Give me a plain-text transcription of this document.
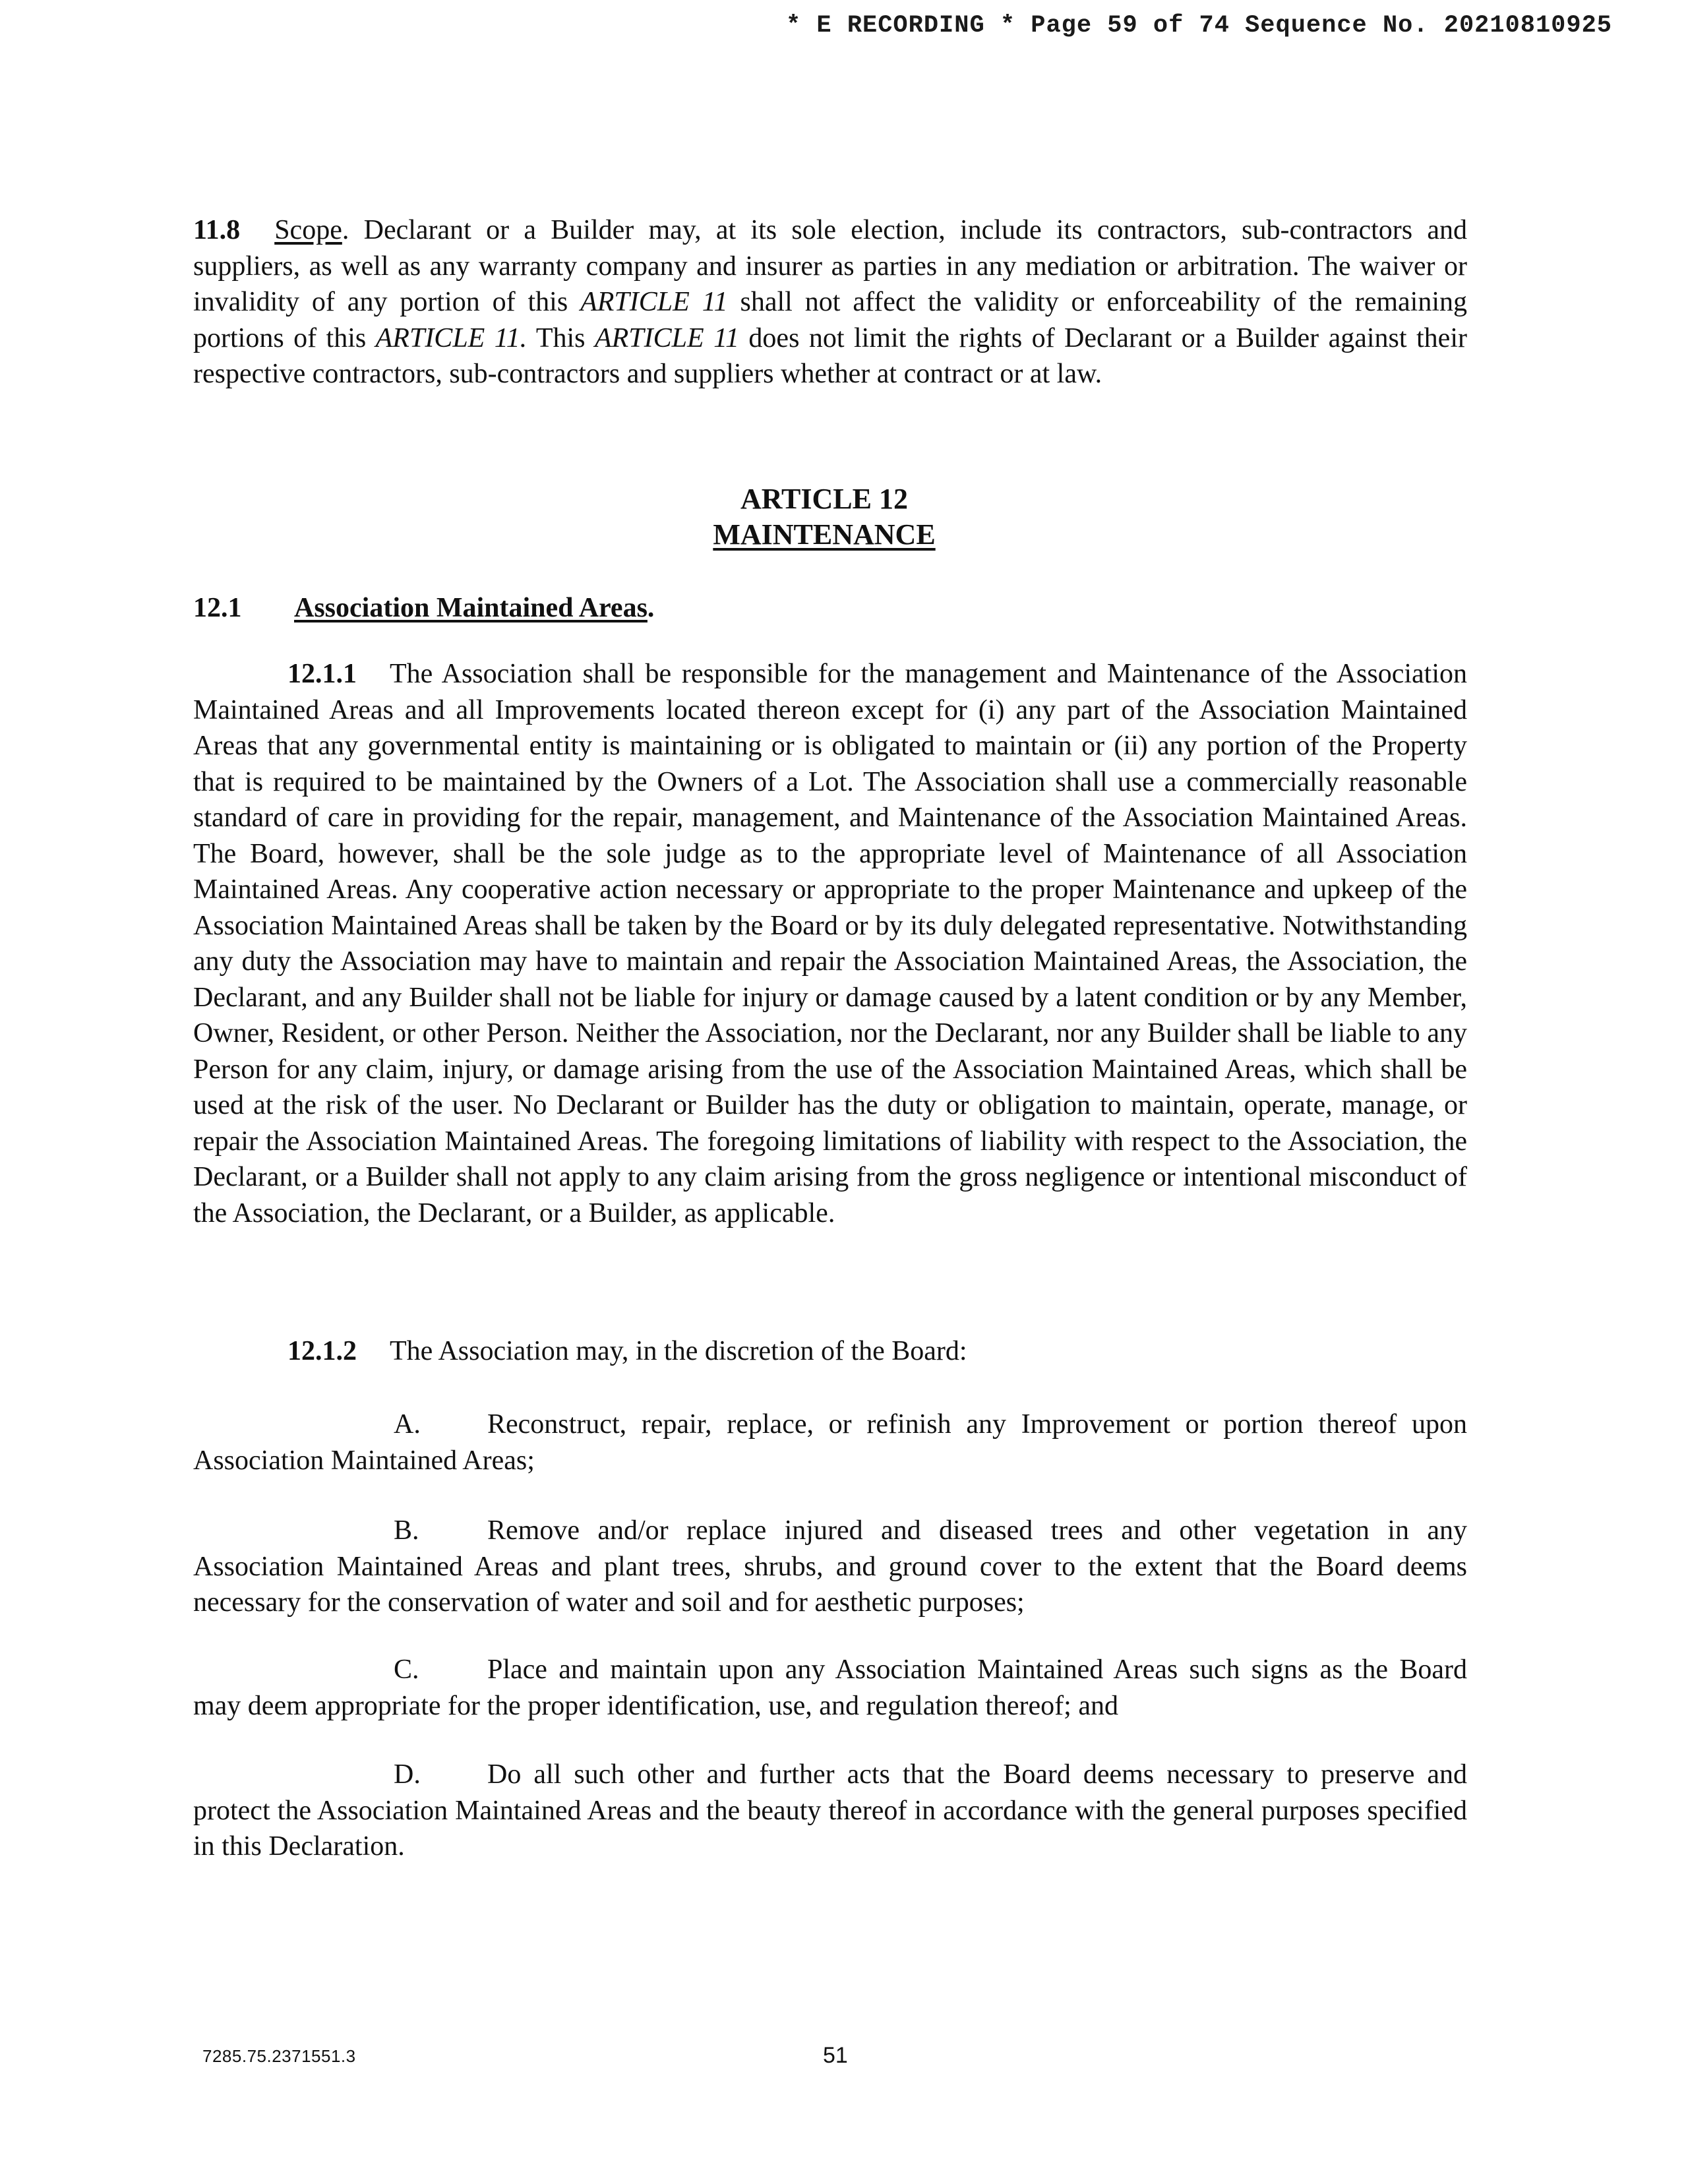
* E RECORDING * Page 59 of 74 Sequence No. 20210810925
11.8 Scope. Declarant or a Builder may, at its sole election, include its contractors, sub-contractors and suppliers, as well as any warranty company and insurer as parties in any mediation or arbitration. The waiver or invalidity of any portion of this ARTICLE 11 shall not affect the validity or enforceability of the remaining portions of this ARTICLE 11. This ARTICLE 11 does not limit the rights of Declarant or a Builder against their respective contractors, sub-contractors and suppliers whether at contract or at law.
ARTICLE 12
MAINTENANCE
12.1 Association Maintained Areas.
12.1.1 The Association shall be responsible for the management and Maintenance of the Association Maintained Areas and all Improvements located thereon except for (i) any part of the Association Maintained Areas that any governmental entity is maintaining or is obligated to maintain or (ii) any portion of the Property that is required to be maintained by the Owners of a Lot. The Association shall use a commercially reasonable standard of care in providing for the repair, management, and Maintenance of the Association Maintained Areas. The Board, however, shall be the sole judge as to the appropriate level of Maintenance of all Association Maintained Areas. Any cooperative action necessary or appropriate to the proper Maintenance and upkeep of the Association Maintained Areas shall be taken by the Board or by its duly delegated representative. Notwithstanding any duty the Association may have to maintain and repair the Association Maintained Areas, the Association, the Declarant, and any Builder shall not be liable for injury or damage caused by a latent condition or by any Member, Owner, Resident, or other Person. Neither the Association, nor the Declarant, nor any Builder shall be liable to any Person for any claim, injury, or damage arising from the use of the Association Maintained Areas, which shall be used at the risk of the user. No Declarant or Builder has the duty or obligation to maintain, operate, manage, or repair the Association Maintained Areas. The foregoing limitations of liability with respect to the Association, the Declarant, or a Builder shall not apply to any claim arising from the gross negligence or intentional misconduct of the Association, the Declarant, or a Builder, as applicable.
12.1.2 The Association may, in the discretion of the Board:
A. Reconstruct, repair, replace, or refinish any Improvement or portion thereof upon Association Maintained Areas;
B. Remove and/or replace injured and diseased trees and other vegetation in any Association Maintained Areas and plant trees, shrubs, and ground cover to the extent that the Board deems necessary for the conservation of water and soil and for aesthetic purposes;
C. Place and maintain upon any Association Maintained Areas such signs as the Board may deem appropriate for the proper identification, use, and regulation thereof; and
D. Do all such other and further acts that the Board deems necessary to preserve and protect the Association Maintained Areas and the beauty thereof in accordance with the general purposes specified in this Declaration.
7285.75.2371551.3	51
